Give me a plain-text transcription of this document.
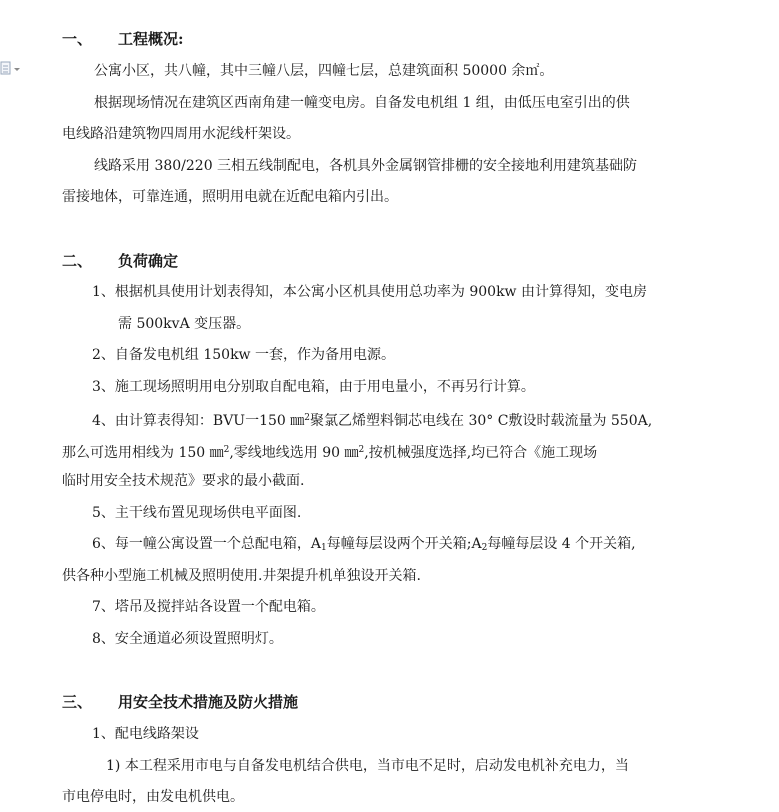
一、 工程概况:
公寓小区，共八幢，其中三幢八层，四幢七层，总建筑面积 50000 余㎡。
根据现场情况在建筑区西南角建一幢变电房。自备发电机组 1 组，由低压电室引出的供
电线路沿建筑物四周用水泥线杆架设。
线路采用 380/220 三相五线制配电，各机具外金属钢管排栅的安全接地利用建筑基础防
雷接地体，可靠连通，照明用电就在近配电箱内引出。
二、 负荷确定
1、根据机具使用计划表得知，本公寓小区机具使用总功率为 900kw 由计算得知，变电房
需 500kvA 变压器。
2、自备发电机组 150kw 一套，作为备用电源。
3、施工现场照明用电分别取自配电箱，由于用电量小，不再另行计算。
4、由计算表得知：BVU一150 ㎜$^2$聚氯乙烯塑料铜芯电线在 30° C敷设时载流量为 550A,
那么可选用相线为 150 ㎜$^2$,零线地线选用 90 ㎜$^2$,按机械强度选择,均已符合《施工现场
临时用安全技术规范》要求的最小截面.
5、主干线布置见现场供电平面图.
6、每一幢公寓设置一个总配电箱，$A_1$每幢每层设两个开关箱$;A_2$每幢每层设 4 个开关箱,
供各种小型施工机械及照明使用.井架提升机单独设开关箱.
7、塔吊及搅拌站各设置一个配电箱。
8、安全通道必须设置照明灯。
三、 用安全技术措施及防火措施
1、配电线路架设
1) 本工程采用市电与自备发电机结合供电，当市电不足时，启动发电机补充电力，当
市电停电时，由发电机供电。
